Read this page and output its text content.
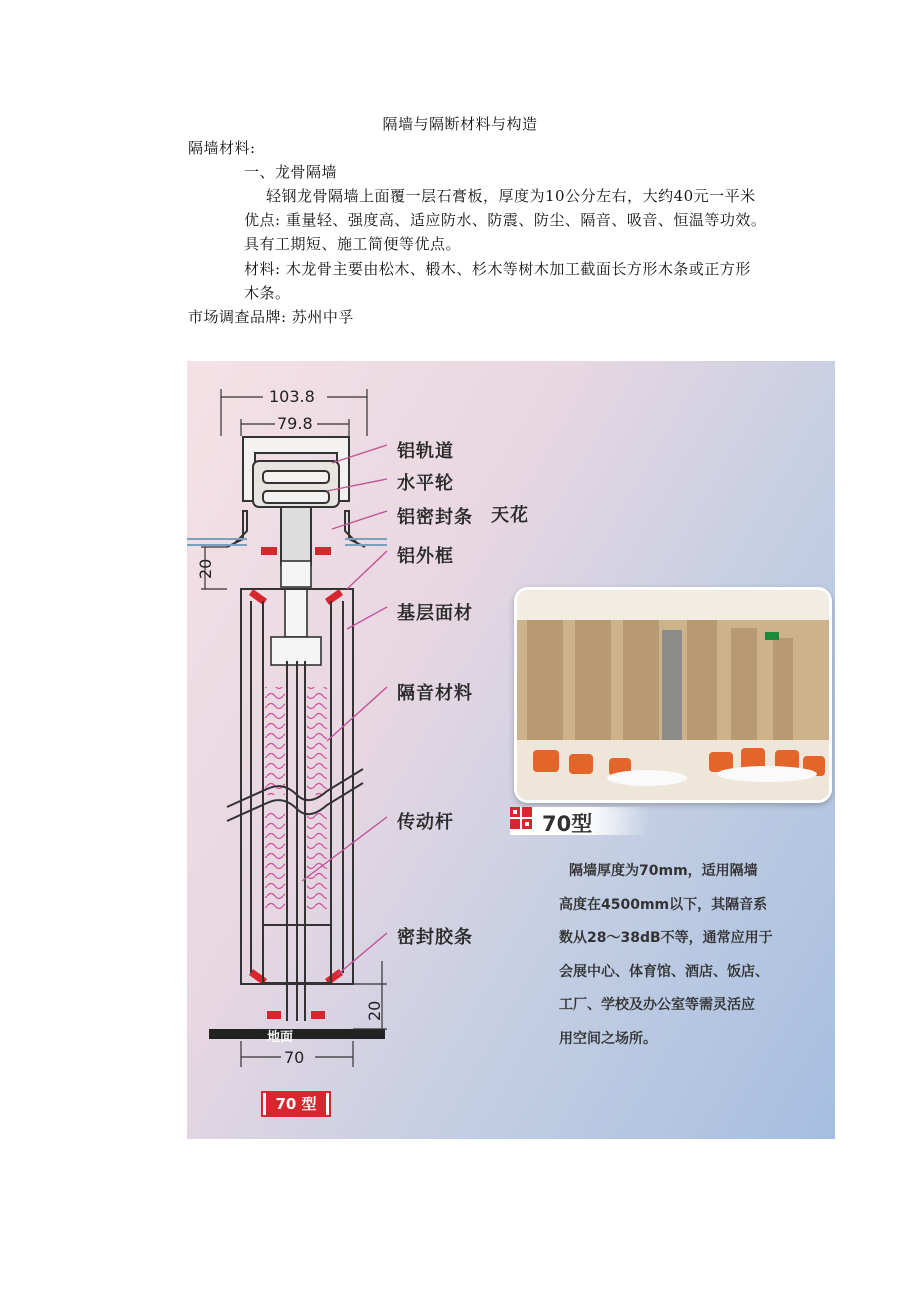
隔墙与隔断材料与构造
隔墙材料:
一、龙骨隔墙
轻钢龙骨隔墙上面覆一层石膏板，厚度为10公分左右，大约40元一平米
优点: 重量轻、强度高、适应防水、防震、防尘、隔音、吸音、恒温等功效。
具有工期短、施工简便等优点。
材料: 木龙骨主要由松木、椴木、杉木等树木加工截面长方形木条或正方形
木条。
市场调查品牌: 苏州中孚
103.8
79.8
20
地面
20
70
铝轨道
水平轮
铝密封条 天花
铝外框
基层面材
隔音材料
传动杆
密封胶条
70型
隔墙厚度为70mm，适用隔墙
高度在4500mm以下，其隔音系
数从28～38dB不等，通常应用于
会展中心、体育馆、酒店、饭店、
工厂、学校及办公室等需灵活应
用空间之场所。
70 型
